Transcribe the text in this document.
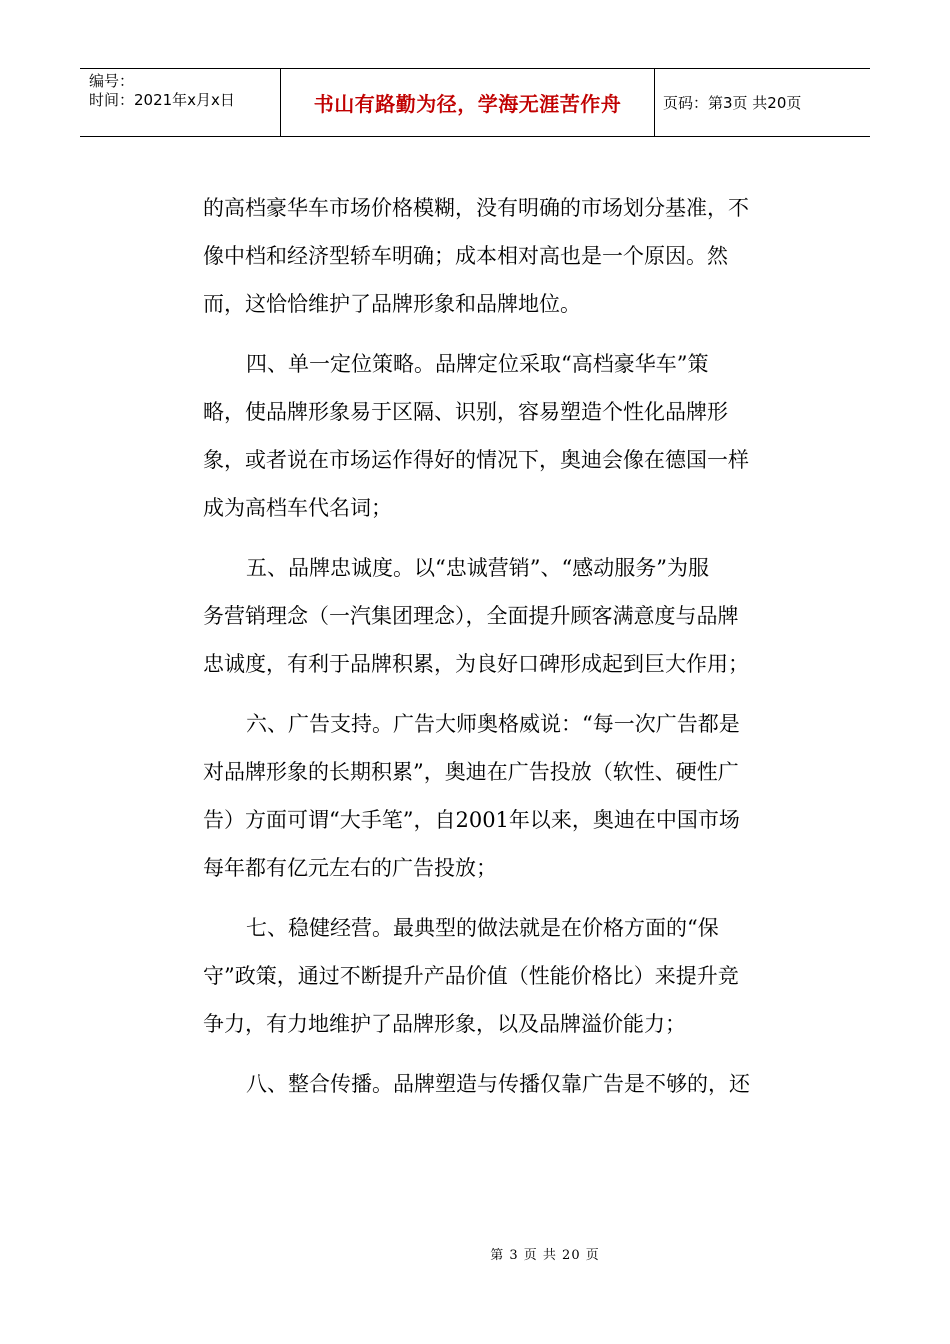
编号：
时间：2021年x月x日	书山有路勤为径，学海无涯苦作舟	页码：第3页 共20页
的高档豪华车市场价格模糊，没有明确的市场划分基准，不
像中档和经济型轿车明确；成本相对高也是一个原因。然
而，这恰恰维护了品牌形象和品牌地位。
四、单一定位策略。品牌定位采取“高档豪华车”策
略，使品牌形象易于区隔、识别，容易塑造个性化品牌形
象，或者说在市场运作得好的情况下，奥迪会像在德国一样
成为高档车代名词；
五、品牌忠诚度。以“忠诚营销”、“感动服务”为服
务营销理念（一汽集团理念），全面提升顾客满意度与品牌
忠诚度，有利于品牌积累，为良好口碑形成起到巨大作用；
六、广告支持。广告大师奥格威说：“每一次广告都是
对品牌形象的长期积累”，奥迪在广告投放（软性、硬性广
告）方面可谓“大手笔”，自2001年以来，奥迪在中国市场
每年都有亿元左右的广告投放；
七、稳健经营。最典型的做法就是在价格方面的“保
守”政策，通过不断提升产品价值（性能价格比）来提升竞
争力，有力地维护了品牌形象，以及品牌溢价能力；
八、整合传播。品牌塑造与传播仅靠广告是不够的，还
第 3 页 共 20 页
